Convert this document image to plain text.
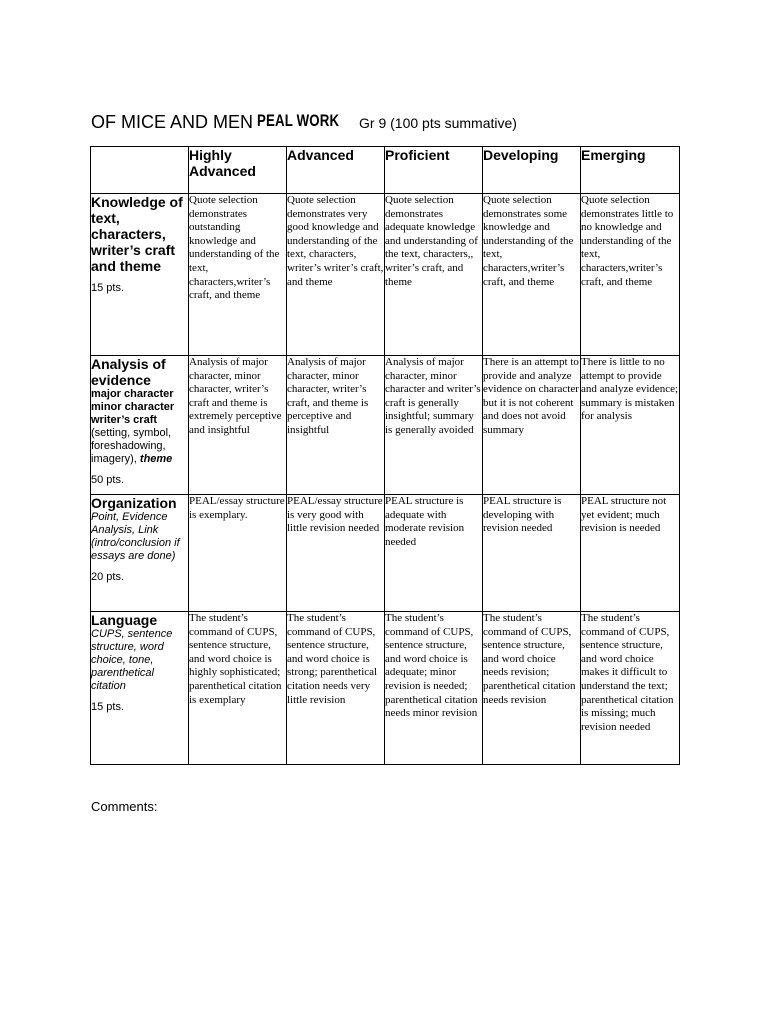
OF MICE AND MEN PEAL WORK Gr 9 (100 pts summative)
	Highly Advanced	Advanced	Proficient	Developing	Emerging

Knowledge of text, characters, writer’s craft and theme
15 pts.	Quote selection demonstrates outstanding knowledge and understanding of the text, characters,writer’s craft, and theme	Quote selection demonstrates very good knowledge and understanding of the text, characters, writer’s writer’s craft, and theme	Quote selection demonstrates adequate knowledge and understanding of the text, characters,, writer’s craft, and theme	Quote selection demonstrates some knowledge and understanding of the text, characters,writer’s craft, and theme	Quote selection demonstrates little to no knowledge and understanding of the text, characters,writer’s craft, and theme

Analysis of evidence
major character minor character writer’s craft (setting, symbol, foreshadowing, imagery), theme
50 pts.	Analysis of major character, minor character, writer’s craft and theme is extremely perceptive and insightful	Analysis of major character, minor character, writer’s craft, and theme is perceptive and insightful	Analysis of major character, minor character and writer’s craft is generally insightful; summary is generally avoided	There is an attempt to provide and analyze evidence on character but it is not coherent and does not avoid summary	There is little to no attempt to provide and analyze evidence; summary is mistaken for analysis

Organization
Point, Evidence Analysis, Link (intro/conclusion if essays are done)
20 pts.	PEAL/essay structure is exemplary.	PEAL/essay structure is very good with little revision needed	PEAL structure is adequate with moderate revision needed	PEAL structure is developing with revision needed	PEAL structure not yet evident; much revision is needed

Language
CUPS, sentence structure, word choice, tone, parenthetical citation
15 pts.	The student’s command of CUPS, sentence structure, and word choice is highly sophisticated; parenthetical citation is exemplary	The student’s command of CUPS, sentence structure, and word choice is strong; parenthetical citation needs very little revision	The student’s command of CUPS, sentence structure, and word choice is adequate; minor revision is needed; parenthetical citation needs minor revision	The student’s command of CUPS, sentence structure, and word choice needs revision; parenthetical citation needs revision	The student’s command of CUPS, sentence structure, and word choice makes it difficult to understand the text; parenthetical citation is missing; much revision needed
Comments:
